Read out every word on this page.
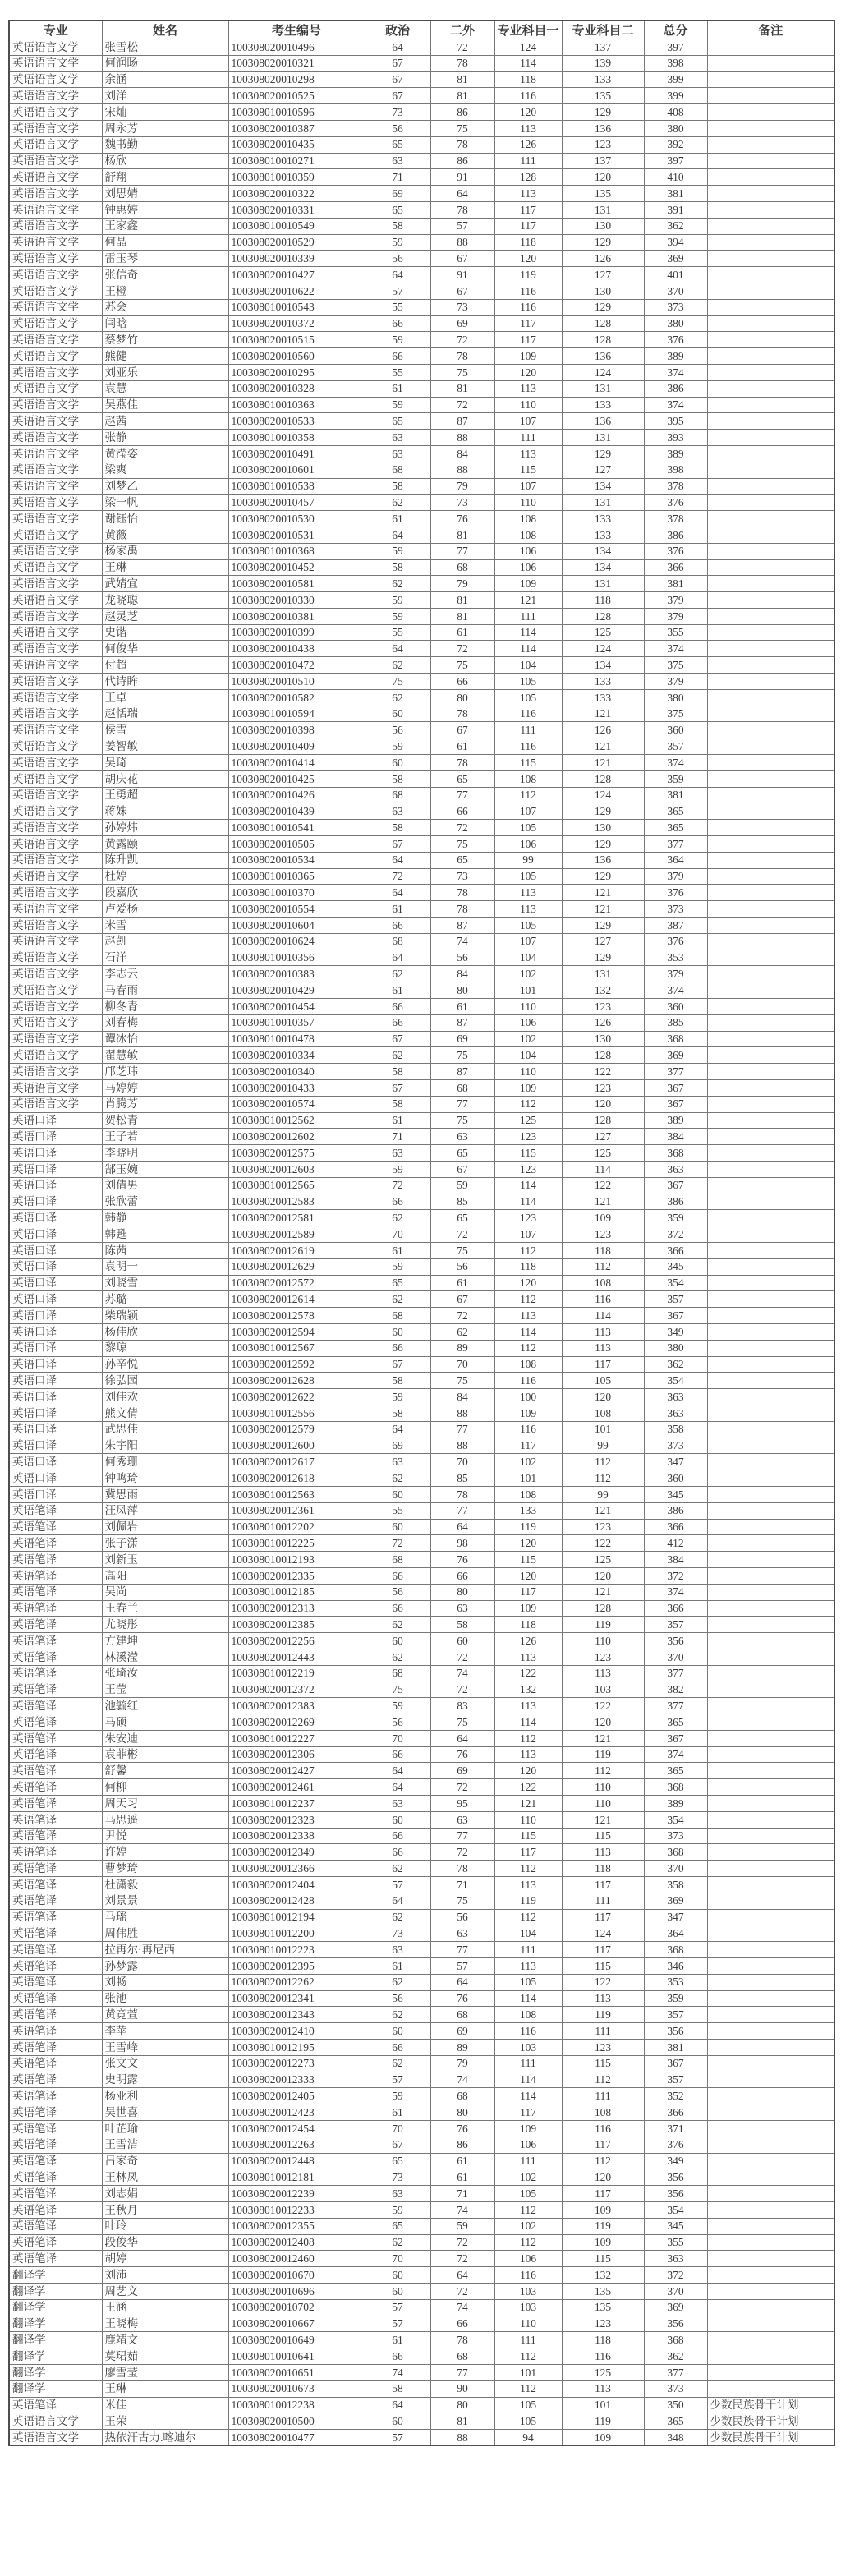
专业	姓名	考生编号	政治	二外	专业科目一	专业科目二	总分	备注
英语语言文学	张雪松	100308020010496	64	72	124	137	397	
英语语言文学	何润旸	100308020010321	67	78	114	139	398	
英语语言文学	余涵	100308020010298	67	81	118	133	399	
英语语言文学	刘洋	100308020010525	67	81	116	135	399	
英语语言文学	宋灿	100308010010596	73	86	120	129	408	
英语语言文学	周永芳	100308020010387	56	75	113	136	380	
英语语言文学	魏书勤	100308020010435	65	78	126	123	392	
英语语言文学	杨欣	100308010010271	63	86	111	137	397	
英语语言文学	舒翔	100308010010359	71	91	128	120	410	
英语语言文学	刘思婧	100308020010322	69	64	113	135	381	
英语语言文学	钟惠婷	100308020010331	65	78	117	131	391	
英语语言文学	王家鑫	100308010010549	58	57	117	130	362	
英语语言文学	何晶	100308020010529	59	88	118	129	394	
英语语言文学	雷玉琴	100308020010339	56	67	120	126	369	
英语语言文学	张信奇	100308020010427	64	91	119	127	401	
英语语言文学	王橙	100308020010622	57	67	116	130	370	
英语语言文学	苏会	100308010010543	55	73	116	129	373	
英语语言文学	闫晗	100308020010372	66	69	117	128	380	
英语语言文学	蔡梦竹	100308020010515	59	72	117	128	376	
英语语言文学	熊健	100308020010560	66	78	109	136	389	
英语语言文学	刘亚乐	100308020010295	55	75	120	124	374	
英语语言文学	袁慧	100308020010328	61	81	113	131	386	
英语语言文学	吴燕佳	100308010010363	59	72	110	133	374	
英语语言文学	赵茜	100308020010533	65	87	107	136	395	
英语语言文学	张静	100308010010358	63	88	111	131	393	
英语语言文学	黄滢姿	100308020010491	63	84	113	129	389	
英语语言文学	梁爽	100308020010601	68	88	115	127	398	
英语语言文学	刘梦乙	100308010010538	58	79	107	134	378	
英语语言文学	梁一帆	100308020010457	62	73	110	131	376	
英语语言文学	谢钰怡	100308020010530	61	76	108	133	378	
英语语言文学	黄薇	100308020010531	64	81	108	133	386	
英语语言文学	杨家禹	100308010010368	59	77	106	134	376	
英语语言文学	王琳	100308020010452	58	68	106	134	366	
英语语言文学	武婧宜	100308020010581	62	79	109	131	381	
英语语言文学	龙晓聪	100308020010330	59	81	121	118	379	
英语语言文学	赵灵芝	100308020010381	59	81	111	128	379	
英语语言文学	史锴	100308020010399	55	61	114	125	355	
英语语言文学	何俊华	100308020010438	64	72	114	124	374	
英语语言文学	付超	100308020010472	62	75	104	134	375	
英语语言文学	代诗眸	100308020010510	75	66	105	133	379	
英语语言文学	王卓	100308020010582	62	80	105	133	380	
英语语言文学	赵恬瑞	100308010010594	60	78	116	121	375	
英语语言文学	侯雪	100308020010398	56	67	111	126	360	
英语语言文学	姜智敏	100308020010409	59	61	116	121	357	
英语语言文学	吴琦	100308020010414	60	78	115	121	374	
英语语言文学	胡庆花	100308020010425	58	65	108	128	359	
英语语言文学	王勇超	100308020010426	68	77	112	124	381	
英语语言文学	蒋姝	100308020010439	63	66	107	129	365	
英语语言文学	孙婷炜	100308010010541	58	72	105	130	365	
英语语言文学	黄露颐	100308020010505	67	75	106	129	377	
英语语言文学	陈升凯	100308020010534	64	65	99	136	364	
英语语言文学	杜婷	100308010010365	72	73	105	129	379	
英语语言文学	段嘉欣	100308010010370	64	78	113	121	376	
英语语言文学	卢爱杨	100308020010554	61	78	113	121	373	
英语语言文学	米雪	100308020010604	66	87	105	129	387	
英语语言文学	赵凯	100308020010624	68	74	107	127	376	
英语语言文学	石洋	100308010010356	64	56	104	129	353	
英语语言文学	李志云	100308020010383	62	84	102	131	379	
英语语言文学	马春雨	100308020010429	61	80	101	132	374	
英语语言文学	柳冬青	100308020010454	66	61	110	123	360	
英语语言文学	刘春梅	100308010010357	66	87	106	126	385	
英语语言文学	谭冰怡	100308010010478	67	69	102	130	368	
英语语言文学	翟慧敏	100308020010334	62	75	104	128	369	
英语语言文学	邝芝玮	100308020010340	58	87	110	122	377	
英语语言文学	马婷婷	100308020010433	67	68	109	123	367	
英语语言文学	肖腾芳	100308020010574	58	77	112	120	367	
英语口译	贺松青	100308010012562	61	75	125	128	389	
英语口译	王子若	100308020012602	71	63	123	127	384	
英语口译	李晓明	100308020012575	63	65	115	125	368	
英语口译	郜玉婉	100308020012603	59	67	123	114	363	
英语口译	刘倩男	100308010012565	72	59	114	122	367	
英语口译	张欣蕾	100308020012583	66	85	114	121	386	
英语口译	韩静	100308020012581	62	65	123	109	359	
英语口译	韩甦	100308020012589	70	72	107	123	372	
英语口译	陈茜	100308020012619	61	75	112	118	366	
英语口译	袁明一	100308020012629	59	56	118	112	345	
英语口译	刘晓雪	100308020012572	65	61	120	108	354	
英语口译	苏璐	100308020012614	62	67	112	116	357	
英语口译	柴瑞颖	100308020012578	68	72	113	114	367	
英语口译	杨佳欣	100308020012594	60	62	114	113	349	
英语口译	黎琼	100308010012567	66	89	112	113	380	
英语口译	孙辛悦	100308020012592	67	70	108	117	362	
英语口译	徐弘园	100308020012628	58	75	116	105	354	
英语口译	刘佳欢	100308020012622	59	84	100	120	363	
英语口译	熊文倩	100308010012556	58	88	109	108	363	
英语口译	武思佳	100308020012579	64	77	116	101	358	
英语口译	朱宇阳	100308020012600	69	88	117	99	373	
英语口译	何秀珊	100308020012617	63	70	102	112	347	
英语口译	钟鸣琦	100308020012618	62	85	101	112	360	
英语口译	冀思雨	100308010012563	60	78	108	99	345	
英语笔译	汪凤萍	100308020012361	55	77	133	121	386	
英语笔译	刘佩岩	100308010012202	60	64	119	123	366	
英语笔译	张子潇	100308010012225	72	98	120	122	412	
英语笔译	刘新玉	100308010012193	68	76	115	125	384	
英语笔译	高阳	100308020012335	66	66	120	120	372	
英语笔译	吴尚	100308010012185	56	80	117	121	374	
英语笔译	王春兰	100308020012313	66	63	109	128	366	
英语笔译	尤晓彤	100308020012385	62	58	118	119	357	
英语笔译	方建坤	100308020012256	60	60	126	110	356	
英语笔译	林溪滢	100308020012443	62	72	113	123	370	
英语笔译	张琦汝	100308010012219	68	74	122	113	377	
英语笔译	王莹	100308020012372	75	72	132	103	382	
英语笔译	池毓红	100308020012383	59	83	113	122	377	
英语笔译	马硕	100308020012269	56	75	114	120	365	
英语笔译	朱安迪	100308010012227	70	64	112	121	367	
英语笔译	袁菲彬	100308020012306	66	76	113	119	374	
英语笔译	舒馨	100308020012427	64	69	120	112	365	
英语笔译	何柳	100308020012461	64	72	122	110	368	
英语笔译	周天习	100308010012237	63	95	121	110	389	
英语笔译	马思遥	100308020012323	60	63	110	121	354	
英语笔译	尹悦	100308020012338	66	77	115	115	373	
英语笔译	许婷	100308020012349	66	72	117	113	368	
英语笔译	曹梦琦	100308020012366	62	78	112	118	370	
英语笔译	杜潇毅	100308020012404	57	71	113	117	358	
英语笔译	刘景景	100308020012428	64	75	119	111	369	
英语笔译	马瑶	100308010012194	62	56	112	117	347	
英语笔译	周伟胜	100308010012200	73	63	104	124	364	
英语笔译	拉再尔·再尼西	100308010012223	63	77	111	117	368	
英语笔译	孙梦露	100308020012395	61	57	113	115	346	
英语笔译	刘畅	100308020012262	62	64	105	122	353	
英语笔译	张池	100308020012341	56	76	114	113	359	
英语笔译	黄竞萱	100308020012343	62	68	108	119	357	
英语笔译	李苹	100308020012410	60	69	116	111	356	
英语笔译	王雪峰	100308010012195	66	89	103	123	381	
英语笔译	张文文	100308020012273	62	79	111	115	367	
英语笔译	史明露	100308020012333	57	74	114	112	357	
英语笔译	杨亚利	100308020012405	59	68	114	111	352	
英语笔译	吴世喜	100308020012423	61	80	117	108	366	
英语笔译	叶芷瑜	100308020012454	70	76	109	116	371	
英语笔译	王雪洁	100308020012263	67	86	106	117	376	
英语笔译	吕家奇	100308020012448	65	61	111	112	349	
英语笔译	王林凤	100308010012181	73	61	102	120	356	
英语笔译	刘志娟	100308020012239	63	71	105	117	356	
英语笔译	王秋月	100308010012233	59	74	112	109	354	
英语笔译	叶玲	100308020012355	65	59	102	119	345	
英语笔译	段俊华	100308020012408	62	72	112	109	355	
英语笔译	胡婷	100308020012460	70	72	106	115	363	
翻译学	刘沛	100308020010670	60	64	116	132	372	
翻译学	周艺文	100308020010696	60	72	103	135	370	
翻译学	王涵	100308020010702	57	74	103	135	369	
翻译学	王晓梅	100308020010667	57	66	110	123	356	
翻译学	鹿靖文	100308020010649	61	78	111	118	368	
翻译学	莫珺茹	100308010010641	66	68	112	116	362	
翻译学	廖雪莹	100308020010651	74	77	101	125	377	
翻译学	王琳	100308020010673	58	90	112	113	373	
英语笔译	米佳	100308010012238	64	80	105	101	350	少数民族骨干计划
英语语言文学	玉荣	100308020010500	60	81	105	119	365	少数民族骨干计划
英语语言文学	热依汗古力.喀迪尔	100308020010477	57	88	94	109	348	少数民族骨干计划
